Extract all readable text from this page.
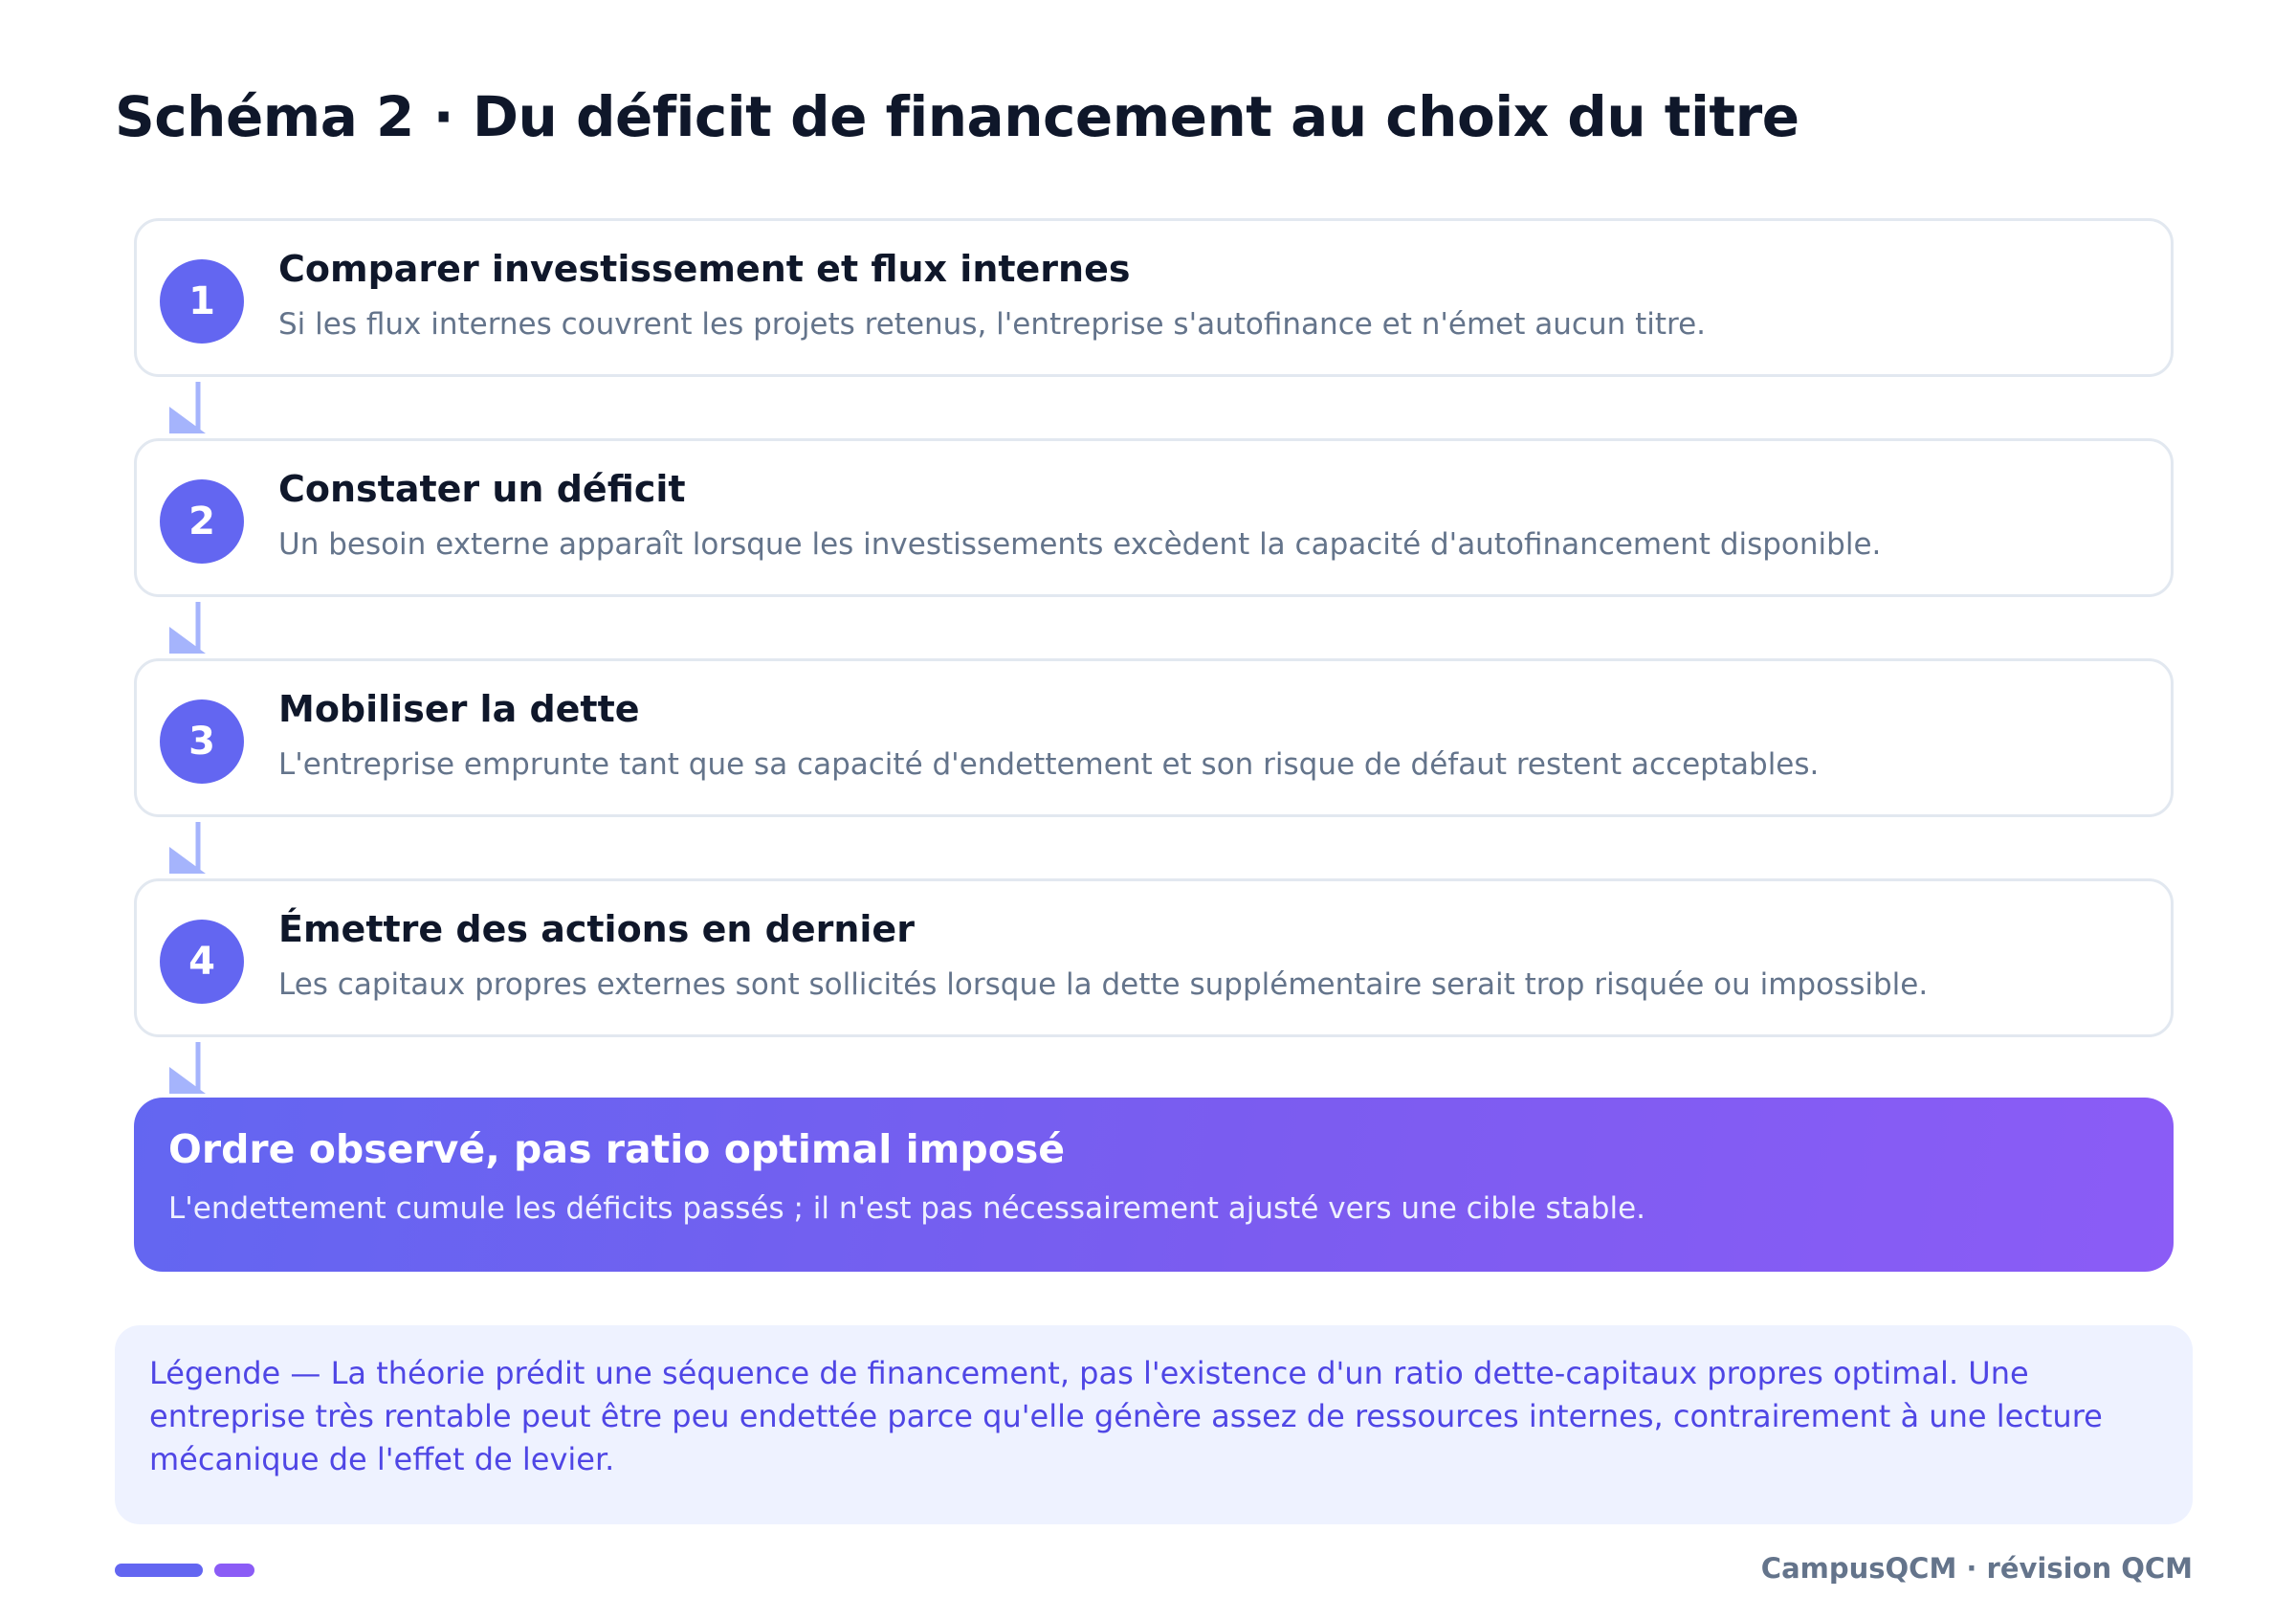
Schéma 2 · Du déficit de financement au choix du titre
1
Comparer investissement et flux internes
Si les flux internes couvrent les projets retenus, l'entreprise s'autofinance et n'émet aucun titre.
2
Constater un déficit
Un besoin externe apparaît lorsque les investissements excèdent la capacité d'autofinancement disponible.
3
Mobiliser la dette
L'entreprise emprunte tant que sa capacité d'endettement et son risque de défaut restent acceptables.
4
Émettre des actions en dernier
Les capitaux propres externes sont sollicités lorsque la dette supplémentaire serait trop risquée ou impossible.
Ordre observé, pas ratio optimal imposé
L'endettement cumule les déficits passés ; il n'est pas nécessairement ajusté vers une cible stable.

Légende — La théorie prédit une séquence de financement, pas l'existence d'un ratio dette-capitaux propres optimal. Une entreprise très rentable peut être peu endettée parce qu'elle génère assez de ressources internes, contrairement à une lecture mécanique de l'effet de levier.

CampusQCM · révision QCM
